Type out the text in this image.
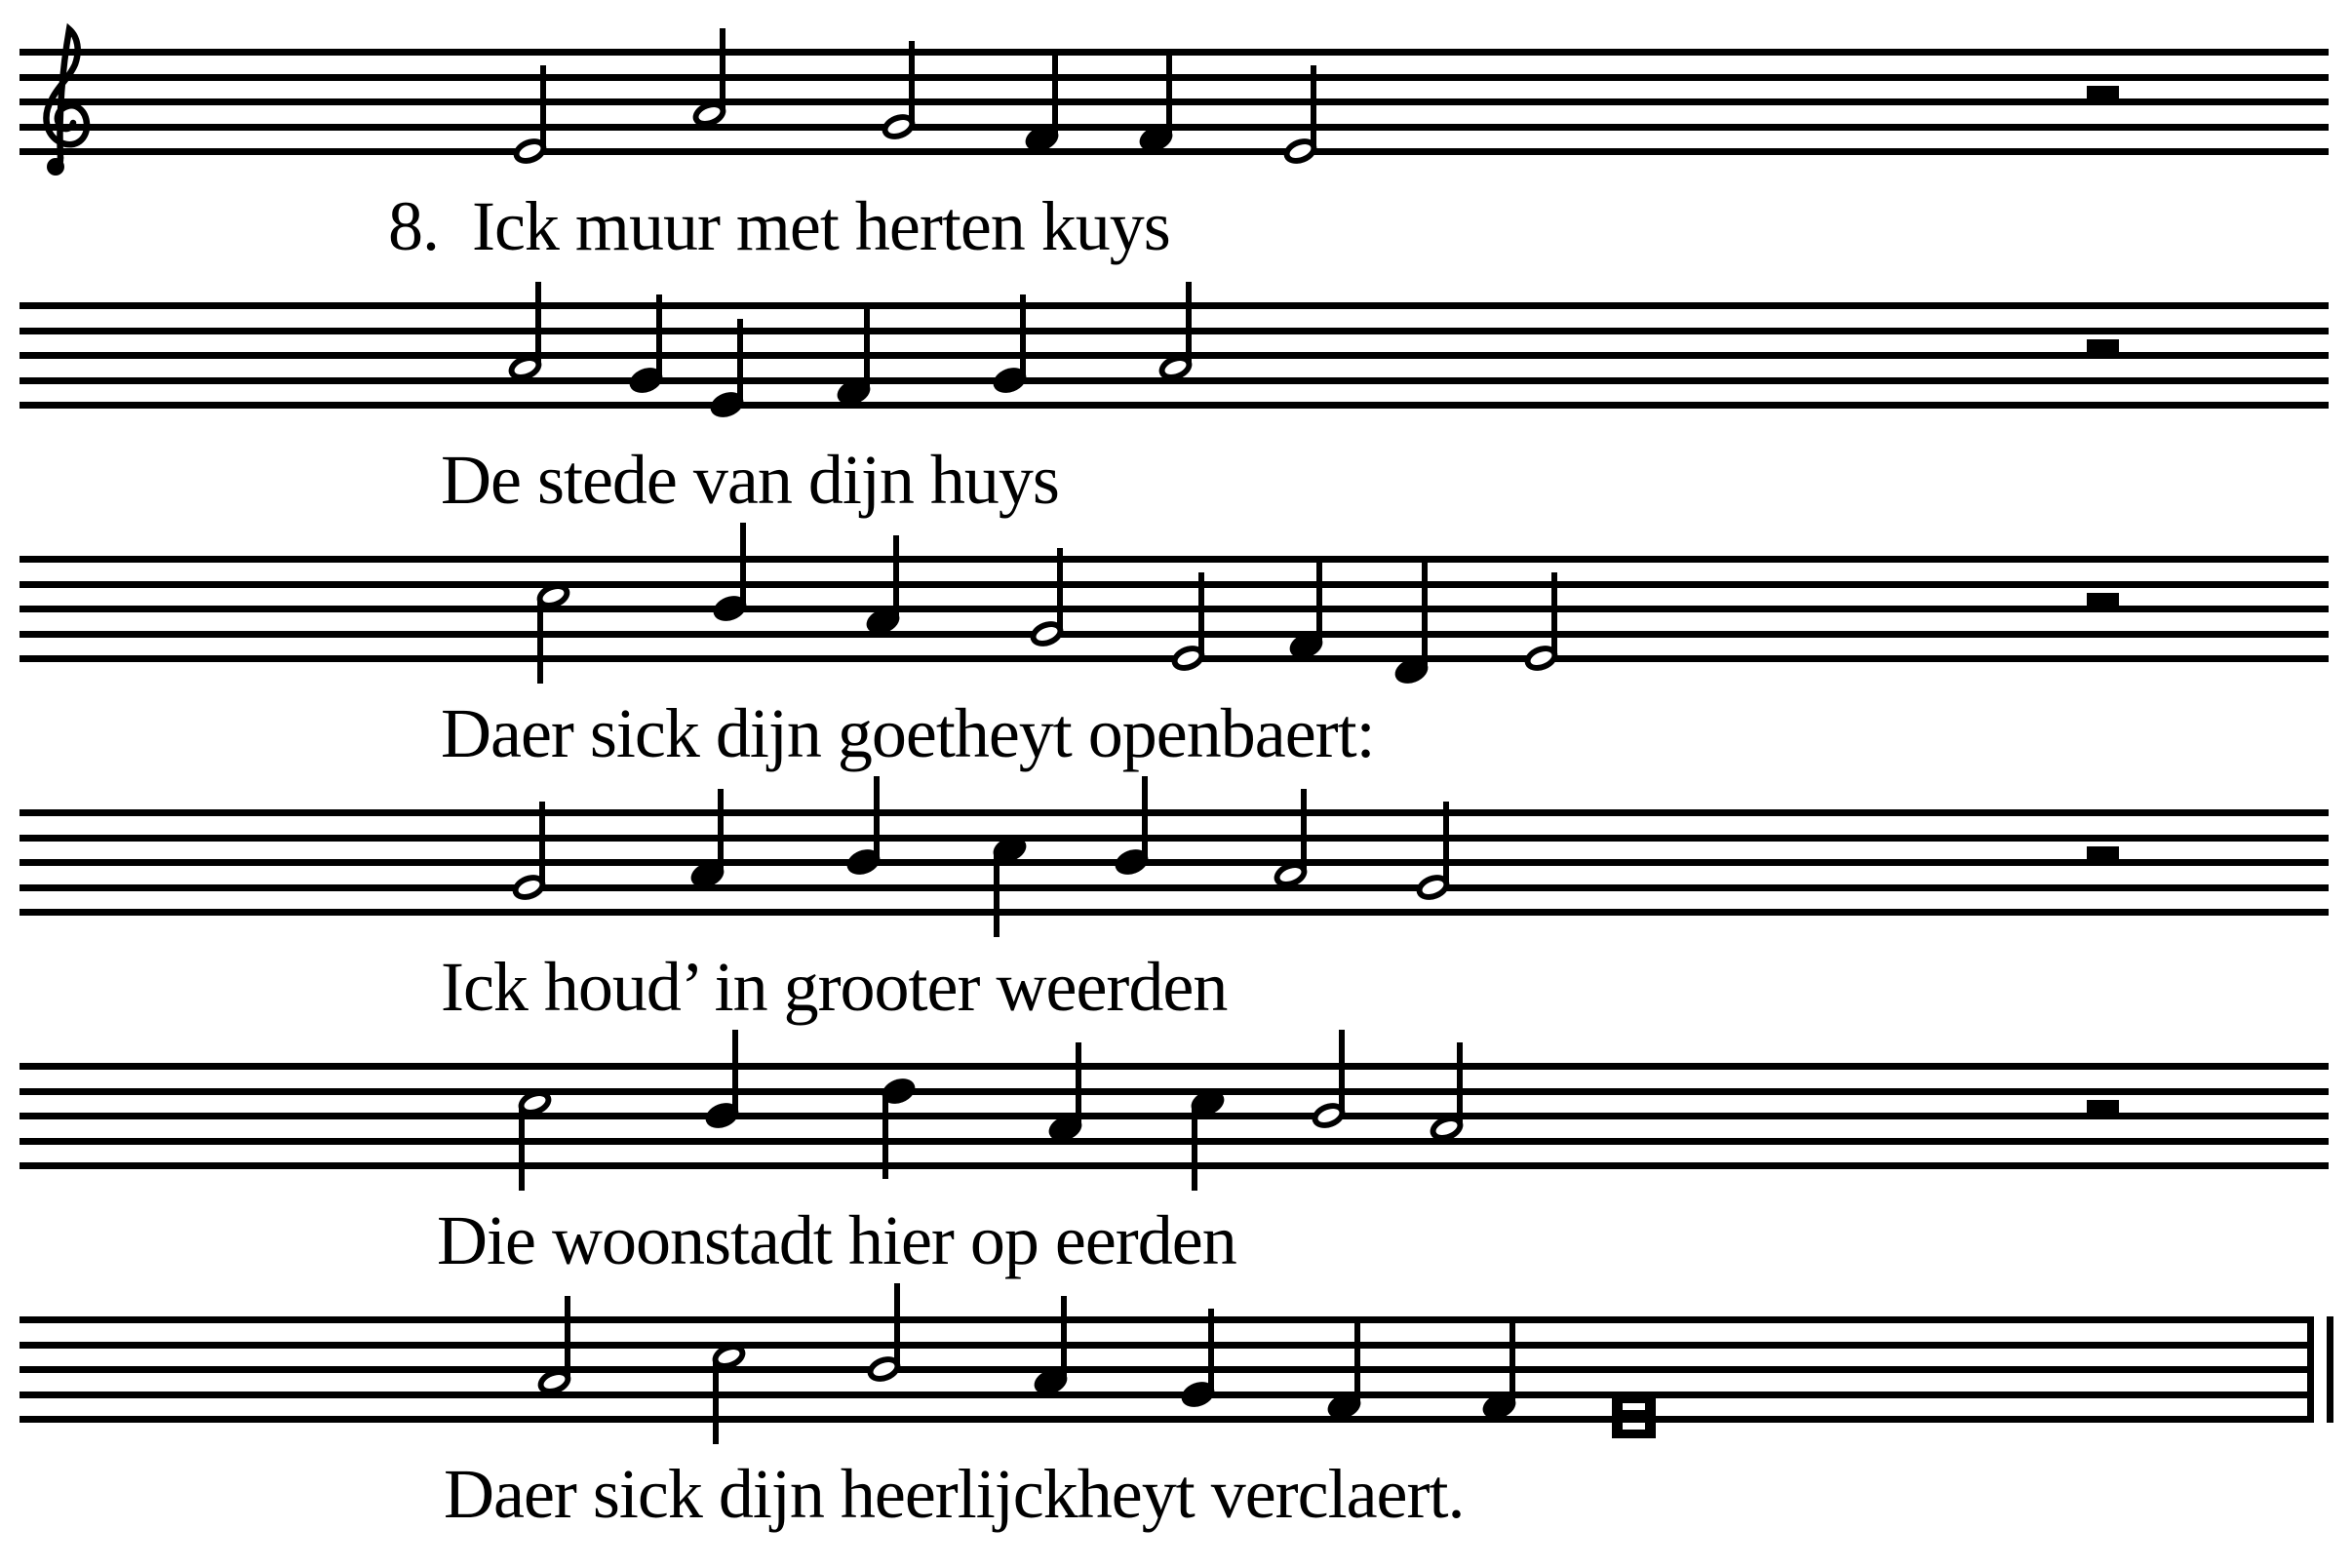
8.  Ick muur met herten kuys
De stede van dijn huys
Daer sick dijn goetheyt openbaert:
Ick houd’ in grooter weerden
Die woonstadt hier op eerden
Daer sick dijn heerlijckheyt verclaert.
